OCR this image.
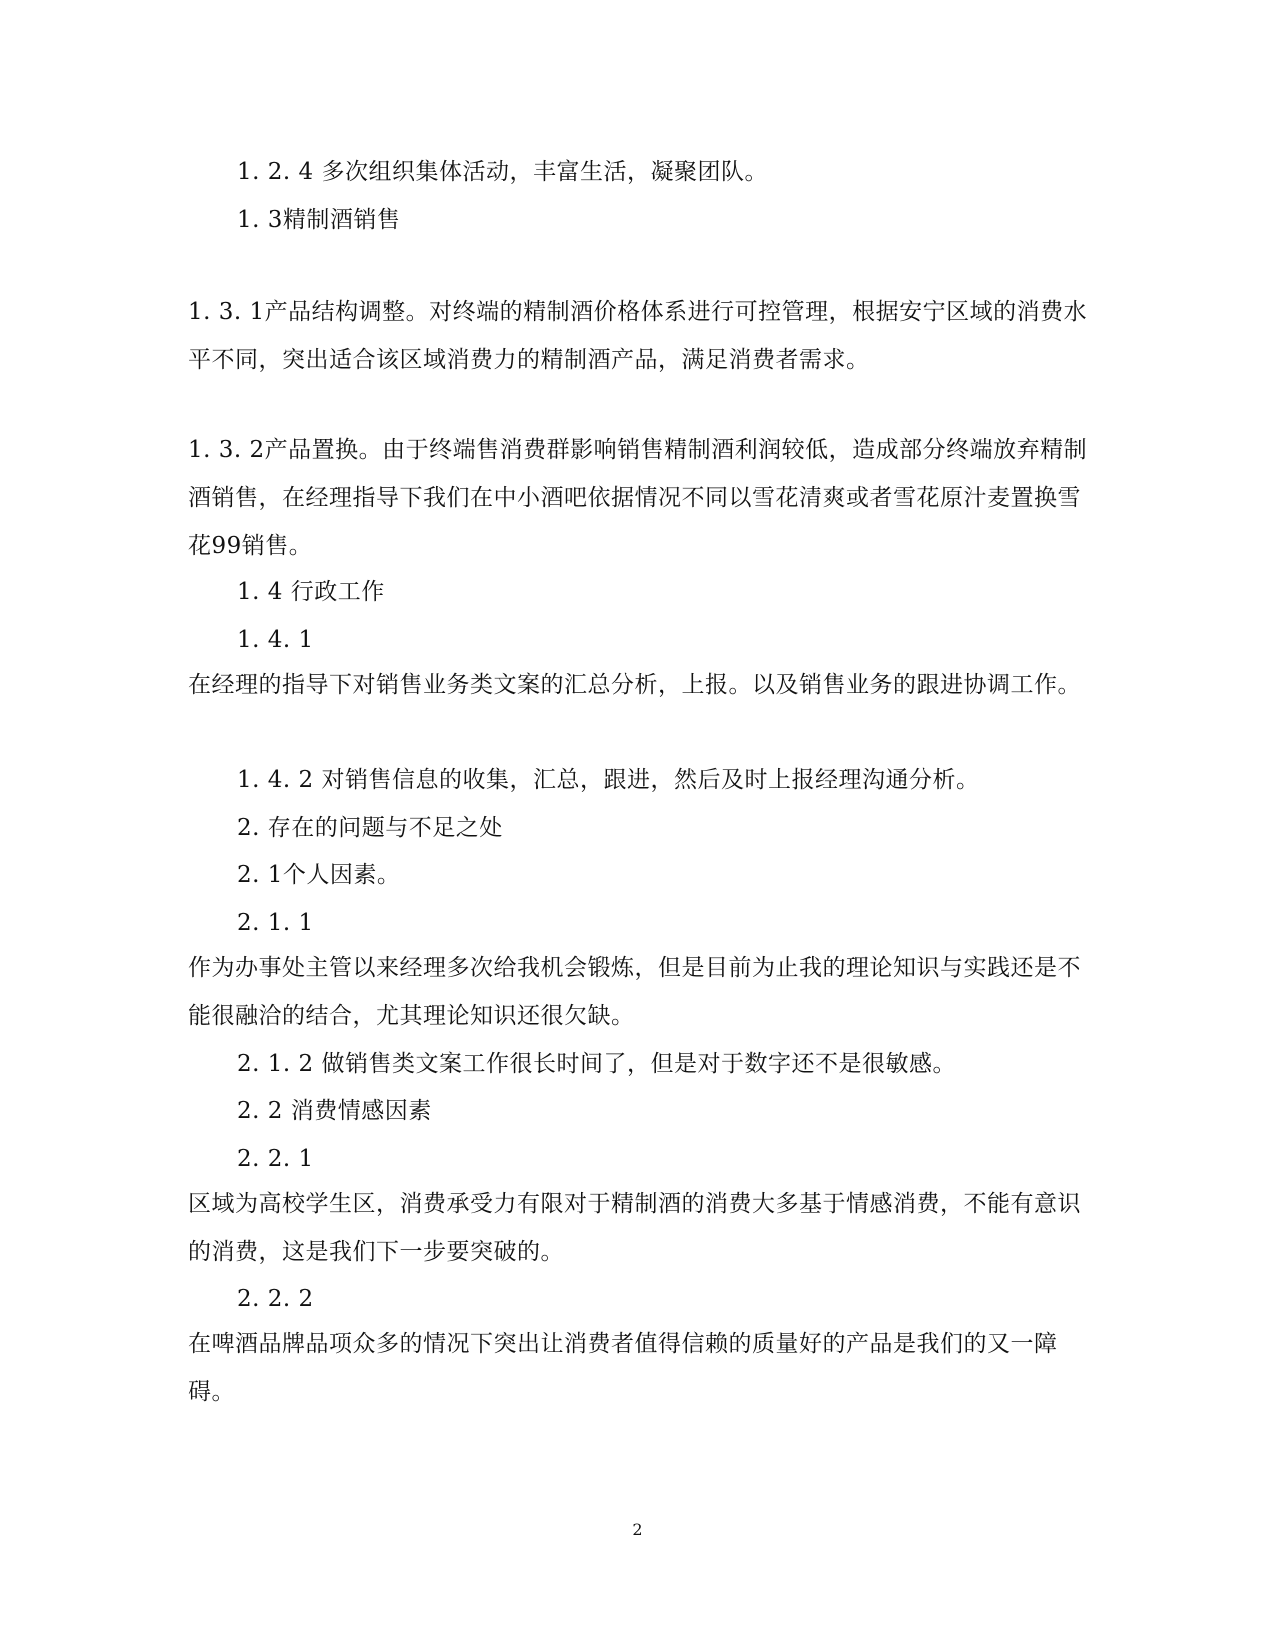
1. 2. 4 多次组织集体活动，丰富生活，凝聚团队。
1. 3精制酒销售
1. 3. 1产品结构调整。对终端的精制酒价格体系进行可控管理，根据安宁区域的消费水平不同，突出适合该区域消费力的精制酒产品，满足消费者需求。
1. 3. 2产品置换。由于终端售消费群影响销售精制酒利润较低，造成部分终端放弃精制酒销售，在经理指导下我们在中小酒吧依据情况不同以雪花清爽或者雪花原汁麦置换雪花99销售。
1. 4 行政工作
1. 4. 1
在经理的指导下对销售业务类文案的汇总分析，上报。以及销售业务的跟进协调工作。
1. 4. 2 对销售信息的收集，汇总，跟进，然后及时上报经理沟通分析。
2. 存在的问题与不足之处
2. 1个人因素。
2. 1. 1
作为办事处主管以来经理多次给我机会锻炼，但是目前为止我的理论知识与实践还是不能很融洽的结合，尤其理论知识还很欠缺。
2. 1. 2 做销售类文案工作很长时间了，但是对于数字还不是很敏感。
2. 2 消费情感因素
2. 2. 1
区域为高校学生区，消费承受力有限对于精制酒的消费大多基于情感消费，不能有意识的消费，这是我们下一步要突破的。
2. 2. 2
在啤酒品牌品项众多的情况下突出让消费者值得信赖的质量好的产品是我们的又一障碍。
2
